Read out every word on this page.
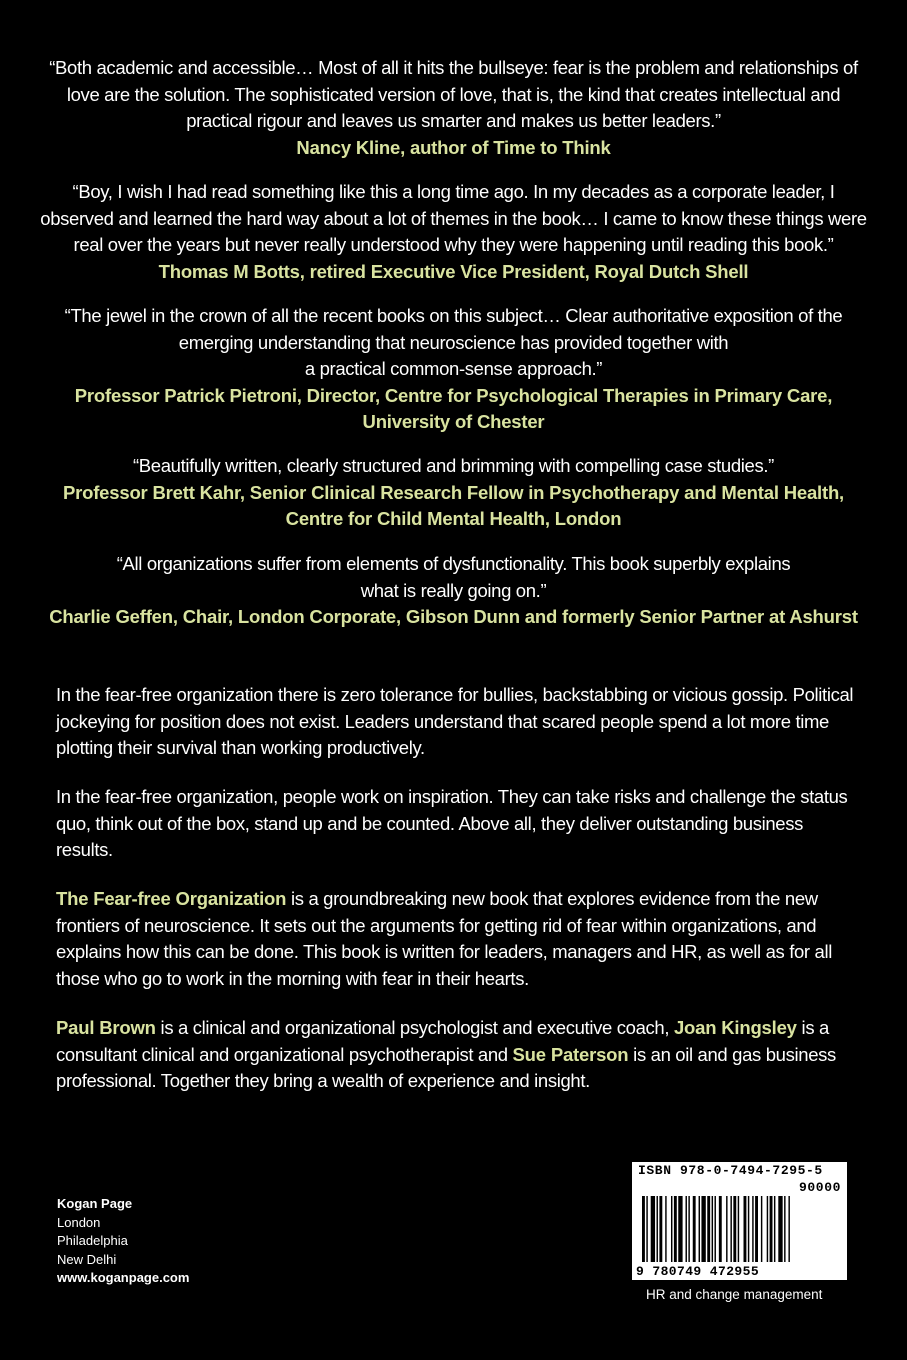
“Both academic and accessible… Most of all it hits the bullseye: fear is the problem and relationships of love are the solution. The sophisticated version of love, that is, the kind that creates intellectual and practical rigour and leaves us smarter and makes us better leaders.”
Nancy Kline, author of Time to Think
“Boy, I wish I had read something like this a long time ago. In my decades as a corporate leader, I observed and learned the hard way about a lot of themes in the book… I came to know these things were real over the years but never really understood why they were happening until reading this book.”
Thomas M Botts, retired Executive Vice President, Royal Dutch Shell
“The jewel in the crown of all the recent books on this subject… Clear authoritative exposition of the
emerging understanding that neuroscience has provided together with
a practical common-sense approach.”
Professor Patrick Pietroni, Director, Centre for Psychological Therapies in Primary Care,
University of Chester
“Beautifully written, clearly structured and brimming with compelling case studies.”
Professor Brett Kahr, Senior Clinical Research Fellow in Psychotherapy and Mental Health,
Centre for Child Mental Health, London
“All organizations suffer from elements of dysfunctionality. This book superbly explains
what is really going on.”
Charlie Geffen, Chair, London Corporate, Gibson Dunn and formerly Senior Partner at Ashurst
In the fear-free organization there is zero tolerance for bullies, backstabbing or vicious gossip. Political jockeying for position does not exist. Leaders understand that scared people spend a lot more time plotting their survival than working productively.
In the fear-free organization, people work on inspiration. They can take risks and challenge the status quo, think out of the box, stand up and be counted. Above all, they deliver outstanding business results.
The Fear-free Organization is a groundbreaking new book that explores evidence from the new frontiers of neuroscience. It sets out the arguments for getting rid of fear within organizations, and explains how this can be done. This book is written for leaders, managers and HR, as well as for all those who go to work in the morning with fear in their hearts.
Paul Brown is a clinical and organizational psychologist and executive coach, Joan Kingsley is a consultant clinical and organizational psychotherapist and Sue Paterson is an oil and gas business professional. Together they bring a wealth of experience and insight.
Kogan Page
London
Philadelphia
New Delhi
www.koganpage.com
ISBN 978-0-7494-7295-5
90000
9 780749 472955
HR and change management
